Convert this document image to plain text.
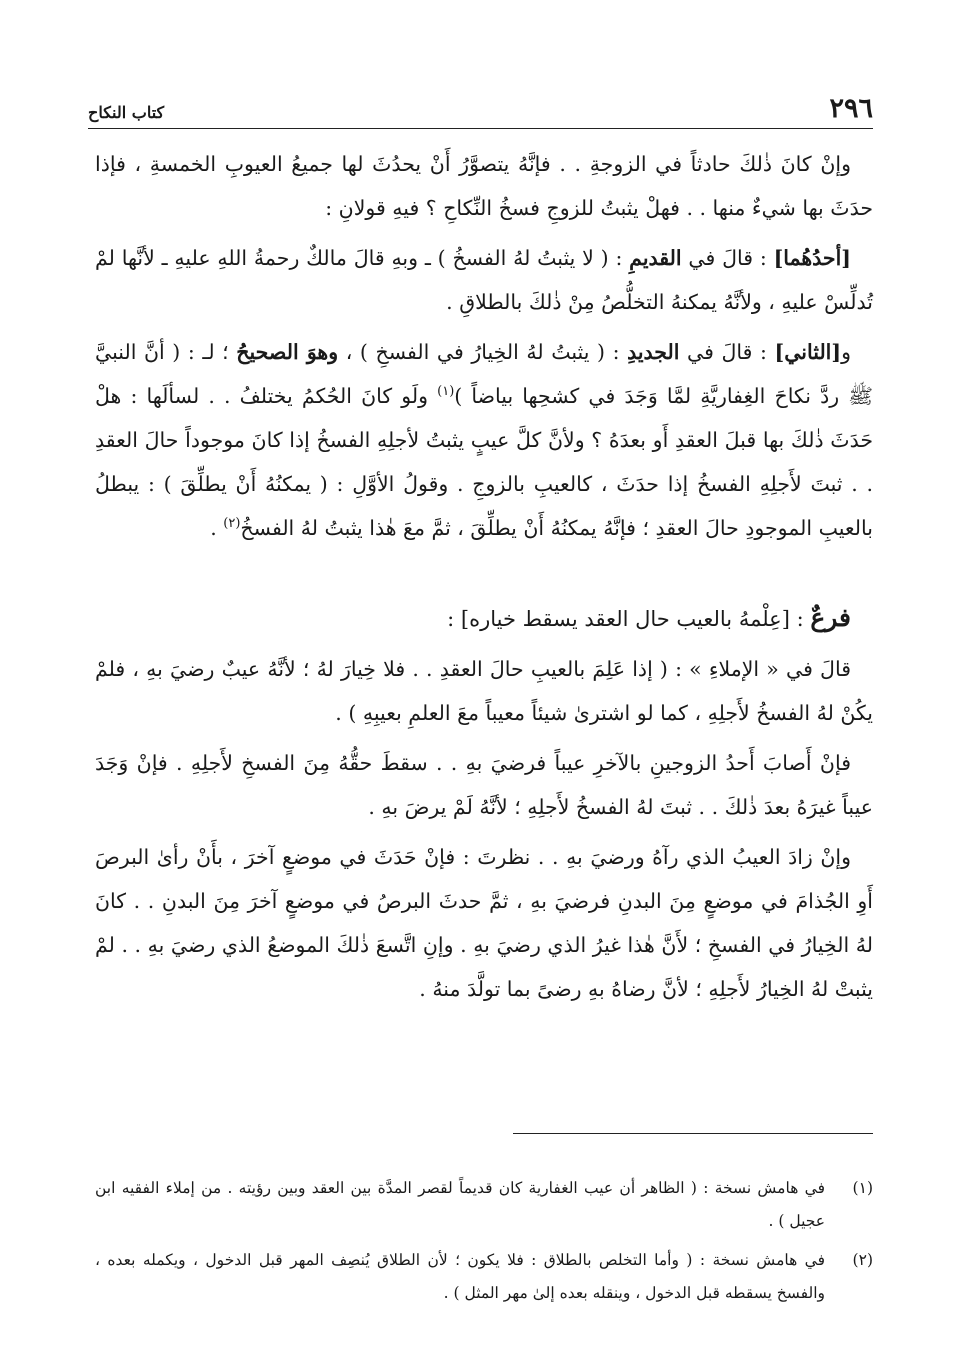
٢٩٦
كتاب النكاح

وإنْ كانَ ذٰلكَ حادثاً في الزوجةِ . . فإنَّهُ يتصوَّرُ أَنْ يحدُثَ لها جميعُ العيوبِ الخمسةِ ، فإذا حدَثَ بها شيءٌ منها . . فهلْ يثبتُ للزوجِ فسخُ النِّكاحِ ؟ فيهِ قولانِ :

[أحدُهُما] : قالَ في القديمِ : ( لا يثبتُ لهُ الفسخُ ) ـ وبهِ قالَ مالكٌ رحمةُ اللهِ عليهِ ـ لأنَّها لمْ تُدلِّسْ عليهِ ، ولأنَّهُ يمكنهُ التخلُّصُ مِنْ ذٰلكَ بالطلاقِ .

و[الثاني] : قالَ في الجديدِ : ( يثبتُ لهُ الخِيارُ في الفسخِ ) ، وهوَ الصحيحُ ؛ لـ : ( أنَّ النبيَّ ﷺ ردَّ نكاحَ الغِفاريَّةِ لمَّا وَجَدَ في كشحِها بياضاً )$^{(١)}$ ولَو كانَ الحُكمُ يختلفُ . . لسألَها : هلْ حَدَثَ ذٰلكَ بها قبلَ العقدِ أَو بعدَهُ ؟ ولأنَّ كلَّ عيبٍ يثبتُ لأجلِهِ الفسخُ إذا كانَ موجوداً حالَ العقدِ . . ثبتَ لأَجلِهِ الفسخُ إذا حدَثَ ، كالعيبِ بالزوجِ . وقولُ الأوَّلِ : ( يمكنُهُ أَنْ يطلِّقَ ) : يبطلُ بالعيبِ الموجودِ حالَ العقدِ ؛ فإنَّهُ يمكنُهُ أَنْ يطلِّقَ ، ثمَّ معَ هٰذا يثبتُ لهُ الفسخُ$^{(٢)}$ .

فرعٌ : [عِلْمهُ بالعيب حال العقد يسقط خياره] :

قالَ في « الإملاءِ » : ( إذا عَلِمَ بالعيبِ حالَ العقدِ . . فلا خِيارَ لهُ ؛ لأنَّهُ عيبٌ رضيَ بهِ ، فلمْ يكُنْ لهُ الفسخُ لأَجلِهِ ، كما لو اشترىٰ شيئاً معيباً معَ العلمِ بعيبِهِ ) .

فإنْ أَصابَ أَحدُ الزوجينِ بالآخرِ عيباً فرضيَ بهِ . . سقطَ حقُّهُ مِنَ الفسخِ لأَجلِهِ . فإنْ وَجَدَ عيباً غيرَهُ بعدَ ذٰلكَ . . ثبتَ لهُ الفسخُ لأَجلِهِ ؛ لأنَّهُ لَمْ يرضَ بهِ .

وإنْ زادَ العيبُ الذي رآهُ ورضيَ بهِ . . نظرتَ : فإنْ حَدَثَ في موضعٍ آخرَ ، بأَنْ رأىٰ البرصَ أَوِ الجُذامَ في موضعٍ مِنَ البدنِ فرضيَ بهِ ، ثمَّ حدثَ البرصُ في موضعٍ آخرَ مِنَ البدنِ . . كانَ لهُ الخِيارُ في الفسخِ ؛ لأَنَّ هٰذا غيرُ الذي رضيَ بهِ . وإنِ اتَّسعَ ذٰلكَ الموضعُ الذي رضيَ بهِ . . لمْ يثبتْ لهُ الخِيارُ لأَجلِهِ ؛ لأنَّ رضاهُ بهِ رضىً بما تولَّدَ منهُ .

(١)
في هامش نسخة : ( الظاهر أن عيب الغفارية كان قديماً لقصر المدَّة بين العقد وبين رؤيته . من إملاء الفقيه ابن عجيل ) .
(٢)
في هامش نسخة : ( وأما التخلص بالطلاق : فلا يكون ؛ لأن الطلاق يُنصِف المهر قبل الدخول ، ويكمله بعده ، والفسخ يسقطه قبل الدخول ، وينقله بعده إلىٰ مهر المثل ) .
